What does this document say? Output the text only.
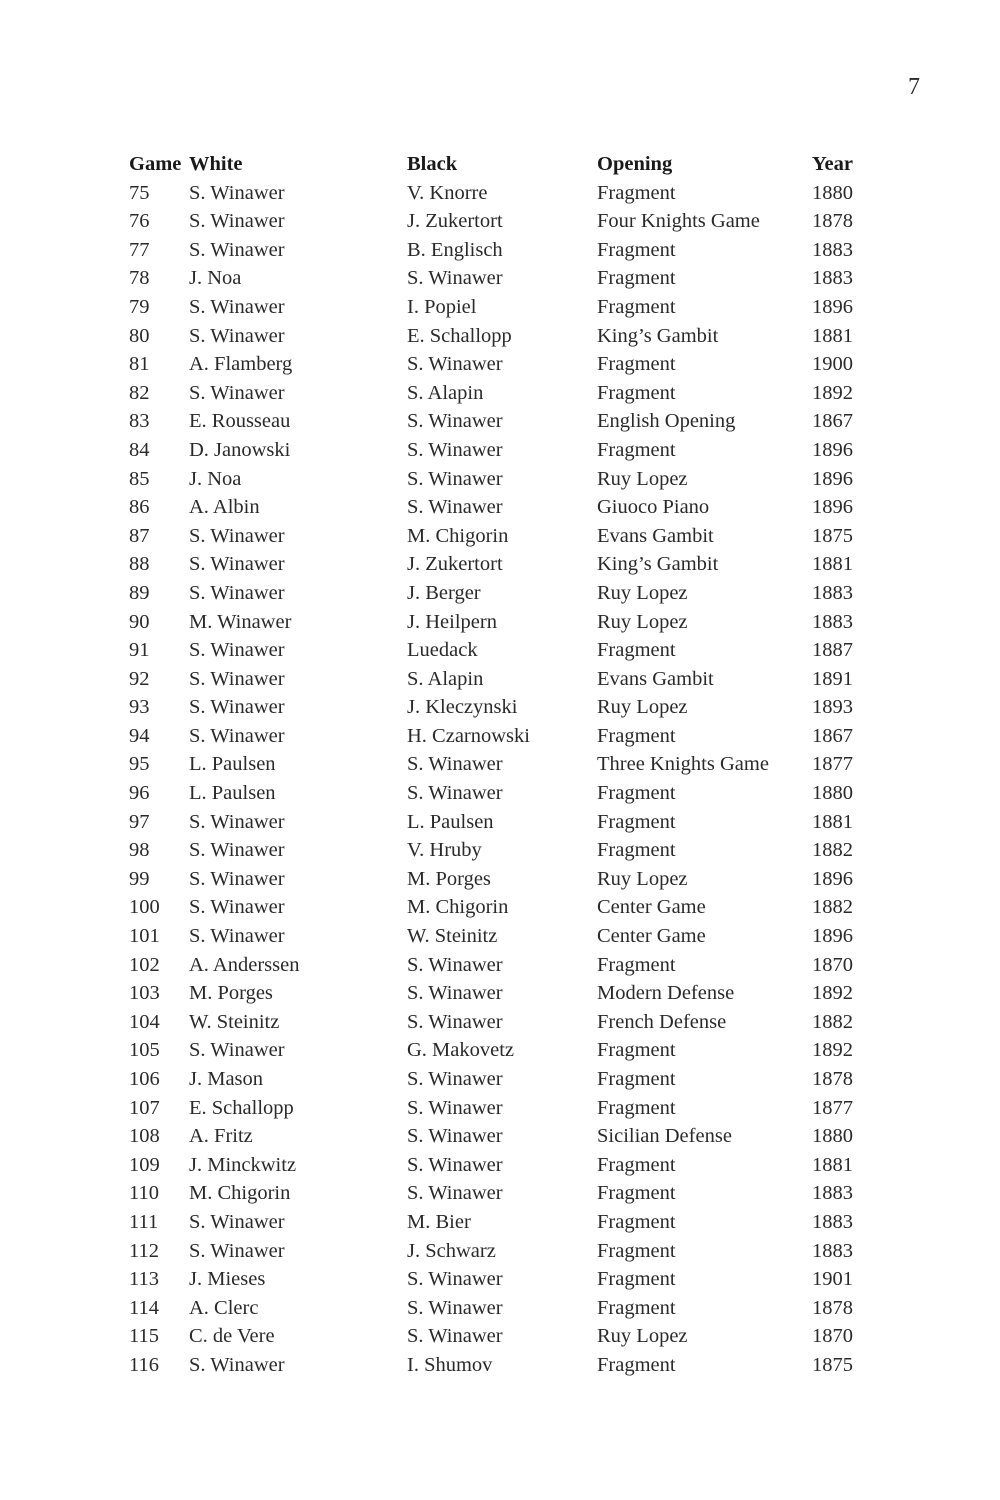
7
Game	White	Black	Opening	Year
75	S. Winawer	V. Knorre	Fragment	1880
76	S. Winawer	J. Zukertort	Four Knights Game	1878
77	S. Winawer	B. Englisch	Fragment	1883
78	J. Noa	S. Winawer	Fragment	1883
79	S. Winawer	I. Popiel	Fragment	1896
80	S. Winawer	E. Schallopp	King’s Gambit	1881
81	A. Flamberg	S. Winawer	Fragment	1900
82	S. Winawer	S. Alapin	Fragment	1892
83	E. Rousseau	S. Winawer	English Opening	1867
84	D. Janowski	S. Winawer	Fragment	1896
85	J. Noa	S. Winawer	Ruy Lopez	1896
86	A. Albin	S. Winawer	Giuoco Piano	1896
87	S. Winawer	M. Chigorin	Evans Gambit	1875
88	S. Winawer	J. Zukertort	King’s Gambit	1881
89	S. Winawer	J. Berger	Ruy Lopez	1883
90	M. Winawer	J. Heilpern	Ruy Lopez	1883
91	S. Winawer	Luedack	Fragment	1887
92	S. Winawer	S. Alapin	Evans Gambit	1891
93	S. Winawer	J. Kleczynski	Ruy Lopez	1893
94	S. Winawer	H. Czarnowski	Fragment	1867
95	L. Paulsen	S. Winawer	Three Knights Game	1877
96	L. Paulsen	S. Winawer	Fragment	1880
97	S. Winawer	L. Paulsen	Fragment	1881
98	S. Winawer	V. Hruby	Fragment	1882
99	S. Winawer	M. Porges	Ruy Lopez	1896
100	S. Winawer	M. Chigorin	Center Game	1882
101	S. Winawer	W. Steinitz	Center Game	1896
102	A. Anderssen	S. Winawer	Fragment	1870
103	M. Porges	S. Winawer	Modern Defense	1892
104	W. Steinitz	S. Winawer	French Defense	1882
105	S. Winawer	G. Makovetz	Fragment	1892
106	J. Mason	S. Winawer	Fragment	1878
107	E. Schallopp	S. Winawer	Fragment	1877
108	A. Fritz	S. Winawer	Sicilian Defense	1880
109	J. Minckwitz	S. Winawer	Fragment	1881
110	M. Chigorin	S. Winawer	Fragment	1883
111	S. Winawer	M. Bier	Fragment	1883
112	S. Winawer	J. Schwarz	Fragment	1883
113	J. Mieses	S. Winawer	Fragment	1901
114	A. Clerc	S. Winawer	Fragment	1878
115	C. de Vere	S. Winawer	Ruy Lopez	1870
116	S. Winawer	I. Shumov	Fragment	1875
